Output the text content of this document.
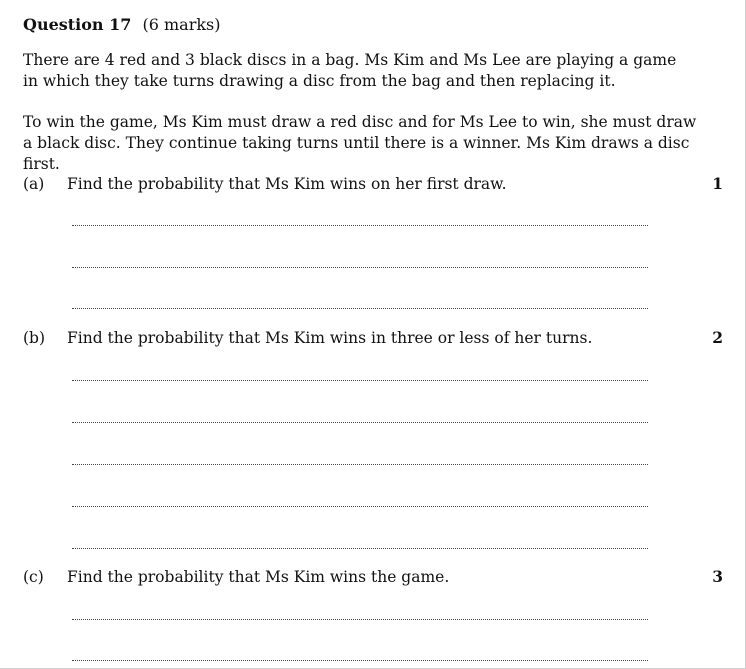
Question 17 (6 marks)
There are 4 red and 3 black discs in a bag. Ms Kim and Ms Lee are playing a game
in which they take turns drawing a disc from the bag and then replacing it.
To win the game, Ms Kim must draw a red disc and for Ms Lee to win, she must draw
a black disc. They continue taking turns until there is a winner. Ms Kim draws a disc
first.
(a) Find the probability that Ms Kim wins on her first draw.	1
(b) Find the probability that Ms Kim wins in three or less of her turns.	2
(c) Find the probability that Ms Kim wins the game.	3
